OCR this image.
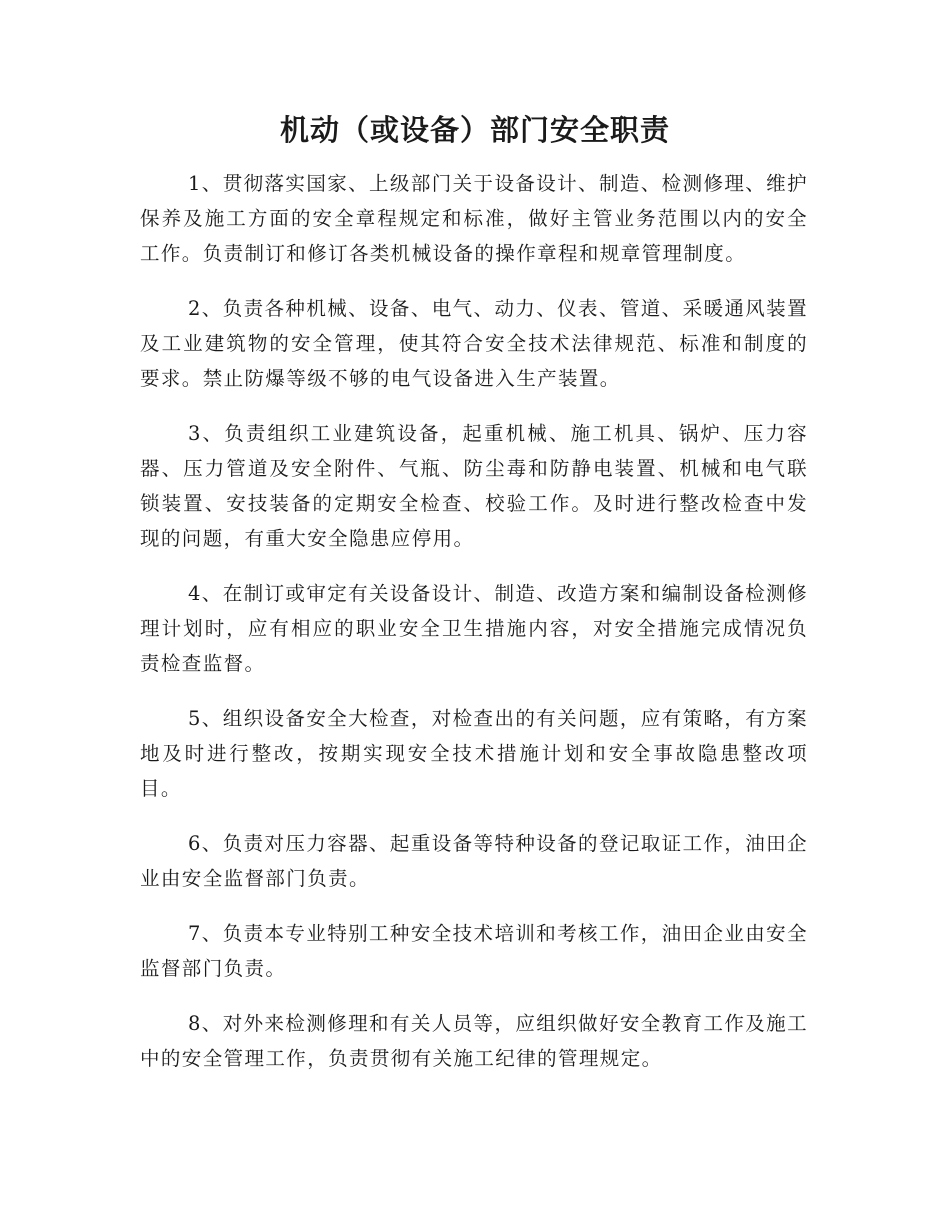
机动（或设备）部门安全职责

1、贯彻落实国家、上级部门关于设备设计、制造、检测修理、维护保养及施工方面的安全章程规定和标准，做好主管业务范围以内的安全工作。负责制订和修订各类机械设备的操作章程和规章管理制度。

2、负责各种机械、设备、电气、动力、仪表、管道、采暖通风装置及工业建筑物的安全管理，使其符合安全技术法律规范、标准和制度的要求。禁止防爆等级不够的电气设备进入生产装置。

3、负责组织工业建筑设备，起重机械、施工机具、锅炉、压力容器、压力管道及安全附件、气瓶、防尘毒和防静电装置、机械和电气联锁装置、安技装备的定期安全检查、校验工作。及时进行整改检查中发现的问题，有重大安全隐患应停用。

4、在制订或审定有关设备设计、制造、改造方案和编制设备检测修理计划时，应有相应的职业安全卫生措施内容，对安全措施完成情况负责检查监督。

5、组织设备安全大检查，对检查出的有关问题，应有策略，有方案地及时进行整改，按期实现安全技术措施计划和安全事故隐患整改项目。

6、负责对压力容器、起重设备等特种设备的登记取证工作，油田企业由安全监督部门负责。

7、负责本专业特别工种安全技术培训和考核工作，油田企业由安全监督部门负责。

8、对外来检测修理和有关人员等，应组织做好安全教育工作及施工中的安全管理工作，负责贯彻有关施工纪律的管理规定。
